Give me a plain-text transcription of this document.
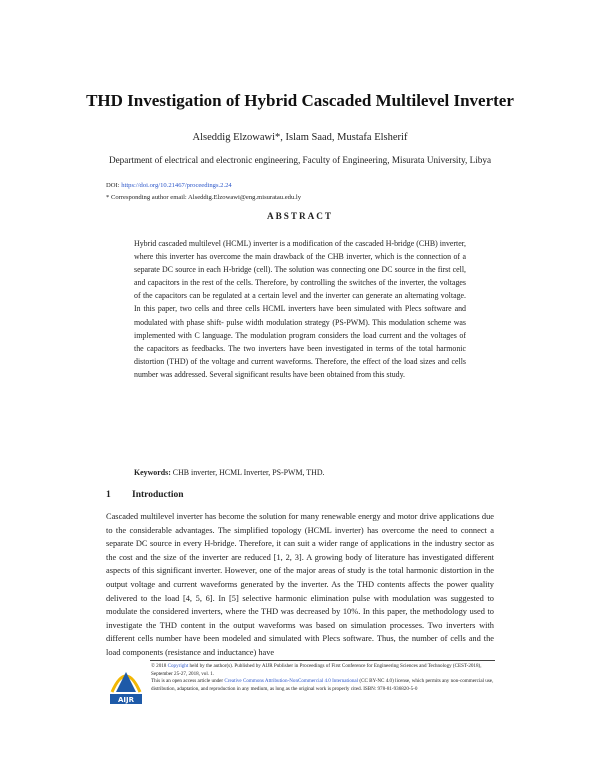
THD Investigation of Hybrid Cascaded Multilevel Inverter
Alseddig Elzowawi*, Islam Saad, Mustafa Elsherif
Department of electrical and electronic engineering, Faculty of Engineering, Misurata University, Libya
DOI: https://doi.org/10.21467/proceedings.2.24
* Corresponding author email: Alseddig.Elzowawi@eng.misuratau.edu.ly
ABSTRACT
Hybrid cascaded multilevel (HCML) inverter is a modification of the cascaded H-bridge (CHB) inverter, where this inverter has overcome the main drawback of the CHB inverter, which is the connection of a separate DC source in each H-bridge (cell). The solution was connecting one DC source in the first cell, and capacitors in the rest of the cells. Therefore, by controlling the switches of the inverter, the voltages of the capacitors can be regulated at a certain level and the inverter can generate an alternating voltage. In this paper, two cells and three cells HCML inverters have been simulated with Plecs software and modulated with phase shift- pulse width modulation strategy (PS-PWM). This modulation scheme was implemented with C language. The modulation program considers the load current and the voltages of the capacitors as feedbacks. The two inverters have been investigated in terms of the total harmonic distortion (THD) of the voltage and current waveforms. Therefore, the effect of the load sizes and cells number was addressed. Several significant results have been obtained from this study.
Keywords: CHB inverter, HCML Inverter, PS-PWM, THD.
1 Introduction
Cascaded multilevel inverter has become the solution for many renewable energy and motor drive applications due to the considerable advantages. The simplified topology (HCML inverter) has overcome the need to connect a separate DC source in every H-bridge. Therefore, it can suit a wider range of applications in the industry sector as the cost and the size of the inverter are reduced [1, 2, 3]. A growing body of literature has investigated different aspects of this significant inverter. However, one of the major areas of study is the total harmonic distortion in the output voltage and current waveforms generated by the inverter. As the THD contents affects the power quality delivered to the load [4, 5, 6]. In [5] selective harmonic elimination pulse with modulation was suggested to modulate the considered inverters, where the THD was decreased by 10%. In this paper, the methodology used to investigate the THD content in the output waveforms was based on simulation processes. Two inverters with different cells number have been modeled and simulated with Plecs software. Thus, the number of cells and the load components (resistance and inductance) have
AIJR
© 2018 Copyright held by the author(s). Published by AIJR Publisher in Proceedings of First Conference for Engineering Sciences and Technology (CEST-2018), September 25-27, 2018, vol. 1.
This is an open access article under Creative Commons Attribution-NonCommercial 4.0 International (CC BY-NC 4.0) license, which permits any non-commercial use, distribution, adaptation, and reproduction in any medium, as long as the original work is properly cited. ISBN: 978-81-936820-5-0
